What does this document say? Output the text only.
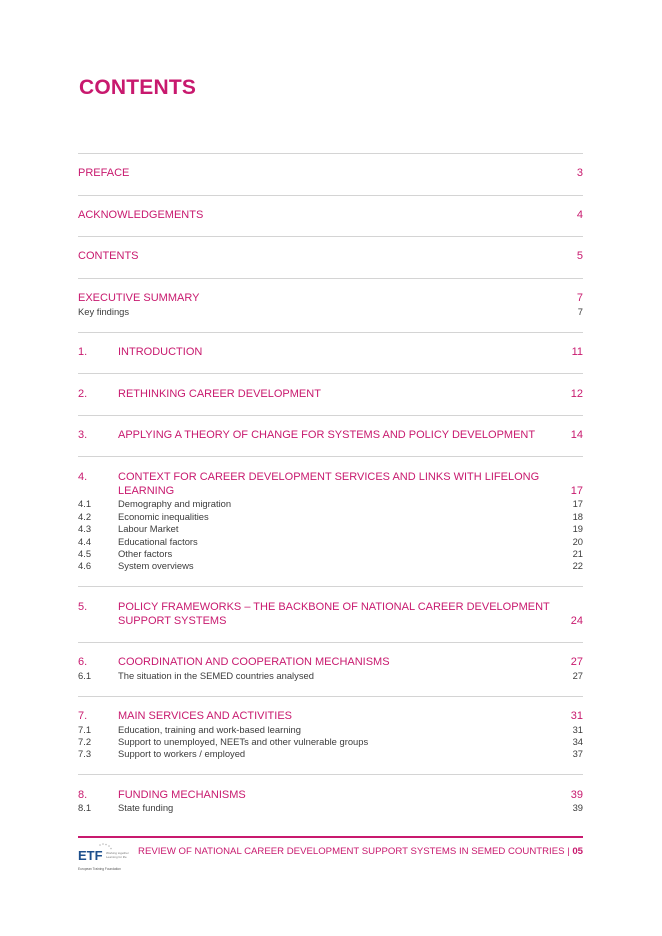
CONTENTS
PREFACE	3
ACKNOWLEDGEMENTS	4
CONTENTS	5
EXECUTIVE SUMMARY	7
Key findings	7
1.	INTRODUCTION	11
2.	RETHINKING CAREER DEVELOPMENT	12
3.	APPLYING A THEORY OF CHANGE FOR SYSTEMS AND POLICY DEVELOPMENT	14
4.	CONTEXT FOR CAREER DEVELOPMENT SERVICES AND LINKS WITH LIFELONG
LEARNING	17
4.1	Demography and migration	17
4.2	Economic inequalities	18
4.3	Labour Market	19
4.4	Educational factors	20
4.5	Other factors	21
4.6	System overviews	22
5.	POLICY FRAMEWORKS – THE BACKBONE OF NATIONAL CAREER DEVELOPMENT
SUPPORT SYSTEMS	24
6.	COORDINATION AND COOPERATION MECHANISMS	27
6.1	The situation in the SEMED countries analysed	27
7.	MAIN SERVICES AND ACTIVITIES	31
7.1	Education, training and work-based learning	31
7.2	Support to unemployed, NEETs and other vulnerable groups	34
7.3	Support to workers / employed	37
8.	FUNDING MECHANISMS	39
8.1	State funding	39
ETF Working together
Learning for life
European Training Foundation
REVIEW OF NATIONAL CAREER DEVELOPMENT SUPPORT SYSTEMS IN SEMED COUNTRIES | 05
